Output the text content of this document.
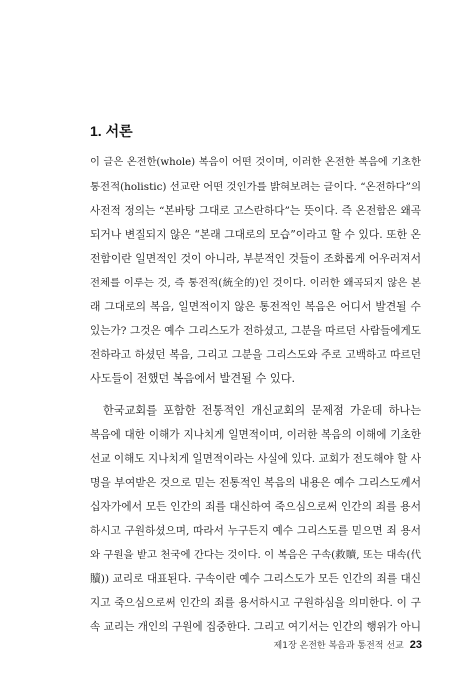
1. 서론

이 글은 온전한(whole) 복음이 어떤 것이며, 이러한 온전한 복음에 기초한

통전적(holistic) 선교란 어떤 것인가를 밝혀보려는 글이다. “온전하다”의

사전적 정의는 “본바탕 그대로 고스란하다”는 뜻이다. 즉 온전함은 왜곡

되거나 변질되지 않은 “본래 그대로의 모습”이라고 할 수 있다. 또한 온

전함이란 일면적인 것이 아니라, 부분적인 것들이 조화롭게 어우러져서

전체를 이루는 것, 즉 통전적(統全的)인 것이다. 이러한 왜곡되지 않은 본

래 그대로의 복음, 일면적이지 않은 통전적인 복음은 어디서 발견될 수

있는가? 그것은 예수 그리스도가 전하셨고, 그분을 따르던 사람들에게도

전하라고 하셨던 복음, 그리고 그분을 그리스도와 주로 고백하고 따르던

사도들이 전했던 복음에서 발견될 수 있다.

한국교회를 포함한 전통적인 개신교회의 문제점 가운데 하나는

복음에 대한 이해가 지나치게 일면적이며, 이러한 복음의 이해에 기초한

선교 이해도 지나치게 일면적이라는 사실에 있다. 교회가 전도해야 할 사

명을 부여받은 것으로 믿는 전통적인 복음의 내용은 예수 그리스도께서

십자가에서 모든 인간의 죄를 대신하여 죽으심으로써 인간의 죄를 용서

하시고 구원하셨으며, 따라서 누구든지 예수 그리스도를 믿으면 죄 용서

와 구원을 받고 천국에 간다는 것이다. 이 복음은 구속(救贖, 또는 대속(代

贖)) 교리로 대표된다. 구속이란 예수 그리스도가 모든 인간의 죄를 대신

지고 죽으심으로써 인간의 죄를 용서하시고 구원하심을 의미한다. 이 구

속 교리는 개인의 구원에 집중한다. 그리고 여기서는 인간의 행위가 아니

제1장 온전한 복음과 통전적 선교 23
